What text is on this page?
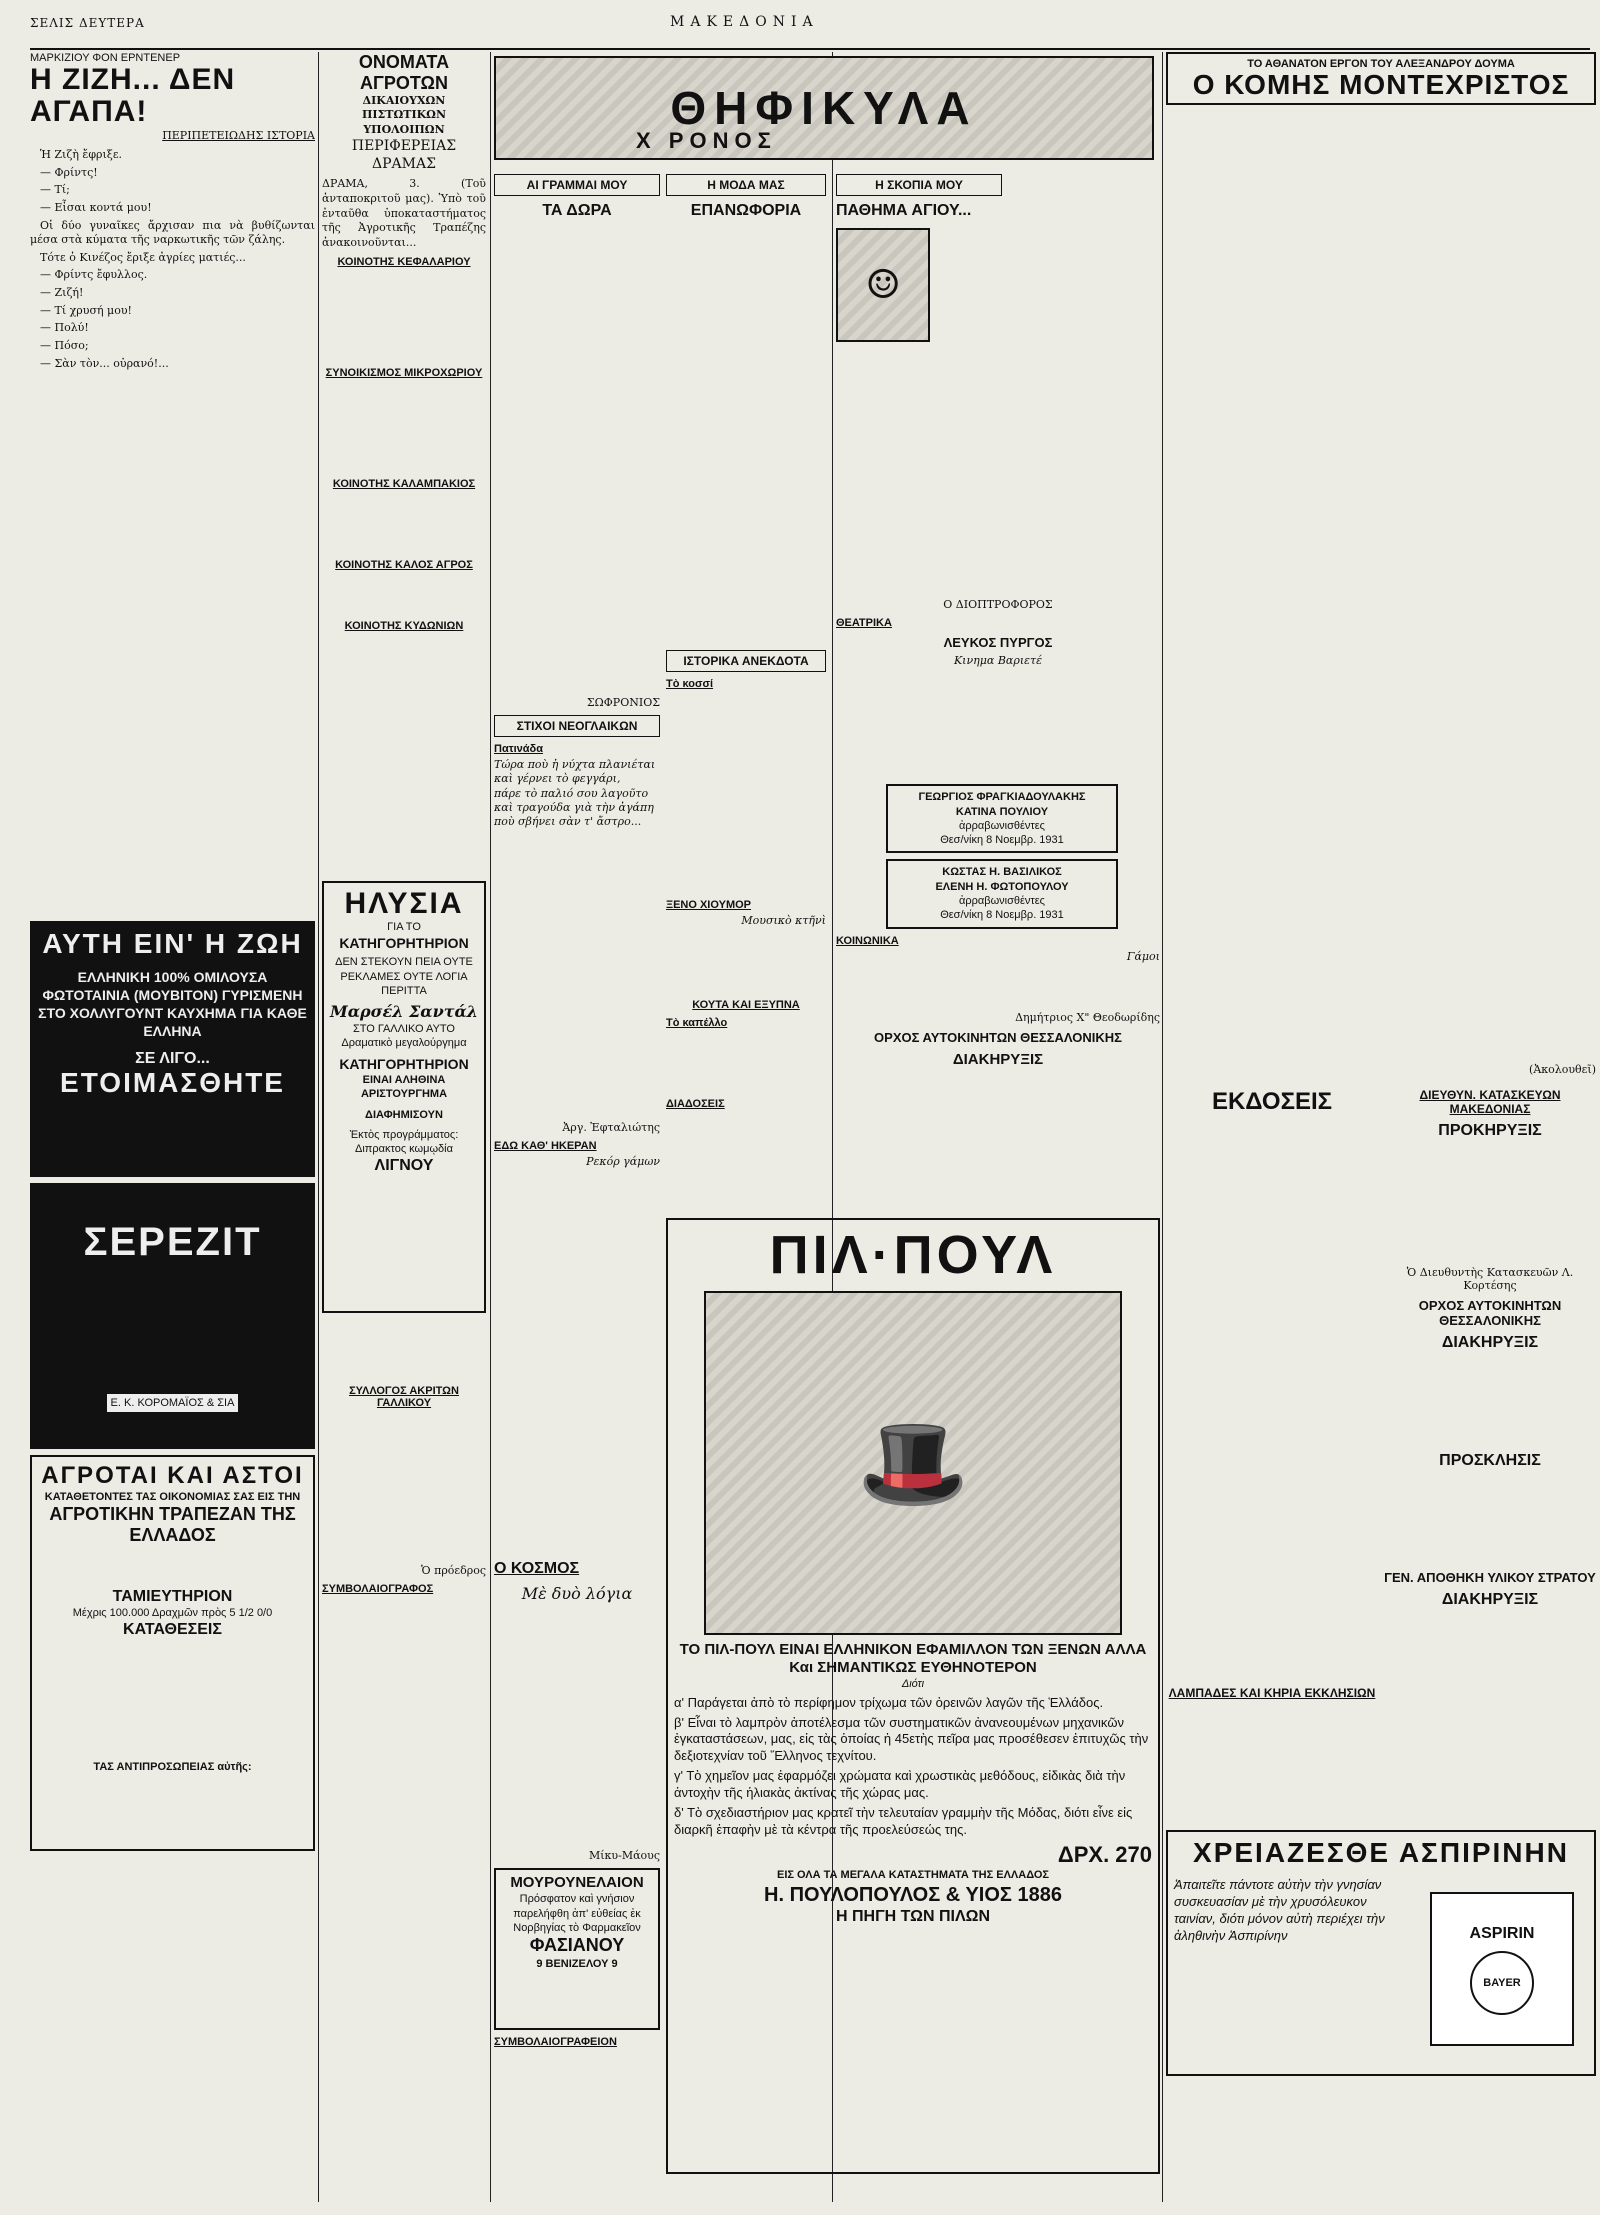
ΣΕΛΙΣ ΔΕΥΤΕΡΑ	ΜΑΚΕΔΟΝΙΑ
ΜΑΡΚΙΖΙΟΥ ΦΟΝ ΕΡΝΤΕΝΕΡ
Η ΖΙΖΗ... ΔΕΝ ΑΓΑΠΑ!
ΠΕΡΙΠΕΤΕΙΩΔΗΣ ΙΣΤΟΡΙΑ

Ἡ Ζιζὴ ἔφριξε.

— Φρίντς!

— Τί;

— Εἶσαι κοντά μου!

Οἱ δύο γυναῖκες ἄρχισαν πια νὰ βυθίζωνται μέσα στὰ κύματα τῆς ναρκωτικῆς τῶν ζάλης.

Τότε ὁ Κινέζος ἔριξε ἀγρίες ματιές...

— Φρίντς ἔφυλλος.

— Ζιζή!

— Τί χρυσή μου!

— Πολύ!

— Πόσο;

— Σὰν τὸν... οὐρανό!...

ΑΥΤΗ ΕΙΝ' Η ΖΩΗ
ΕΛΛΗΝΙΚΗ 100% ΟΜΙΛΟΥΣΑ ΦΩΤΟΤΑΙΝΙΑ (ΜΟΥΒΙΤΟΝ) ΓΥΡΙΣΜΕΝΗ ΣΤΟ ΧΟΛΛΥΓΟΥΝΤ ΚΑΥΧΗΜΑ ΓΙΑ ΚΑΘΕ ΕΛΛΗΝΑ
ΣΕ ΛΙΓΟ...
ΕΤΟΙΜΑΣΘΗΤΕ
ΣΕΡΕΖΙΤ
Ε. Κ. ΚΟΡΟΜΑΪΟΣ & ΣΙΑ
ΑΓΡΟΤΑΙ ΚΑΙ ΑΣΤΟΙ
ΚΑΤΑΘΕΤΟΝΤΕΣ ΤΑΣ ΟΙΚΟΝΟΜΙΑΣ ΣΑΣ ΕΙΣ ΤΗΝ
ΑΓΡΟΤΙΚΗΝ ΤΡΑΠΕΖΑΝ ΤΗΣ ΕΛΛΑΔΟΣ
ΤΑΜΙΕΥΤΗΡΙΟΝ
Μέχρις 100.000 Δραχμῶν πρὸς 5 1/2 0/0
ΚΑΤΑΘΕΣΕΙΣ
ΤΑΣ ΑΝΤΙΠΡΟΣΩΠΕΙΑΣ αὐτῆς:
ΟΝΟΜΑΤΑ ΑΓΡΟΤΩΝ
ΔΙΚΑΙΟΥΧΩΝ ΠΙΣΤΩΤΙΚΩΝ ΥΠΟΛΟΙΠΩΝ
ΠΕΡΙΦΕΡΕΙΑΣ ΔΡΑΜΑΣ
ΔΡΑΜΑ, 3. (Τοῦ ἀνταποκριτοῦ μας). Ὑπὸ τοῦ ἐνταῦθα ὑποκαταστήματος τῆς Ἀγροτικῆς Τραπέζης ἀνακοινοῦνται...
ΚΟΙΝΟΤΗΣ ΚΕΦΑΛΑΡΙΟΥ
ΣΥΝΟΙΚΙΣΜΟΣ ΜΙΚΡΟΧΩΡΙΟΥ
ΚΟΙΝΟΤΗΣ ΚΑΛΑΜΠΑΚΙΟΣ
ΚΟΙΝΟΤΗΣ ΚΑΛΟΣ ΑΓΡΟΣ
ΚΟΙΝΟΤΗΣ ΚΥΔΩΝΙΩΝ
ΗΛΥΣΙΑ
ΓΙΑ ΤΟ
ΚΑΤΗΓΟΡΗΤΗΡΙΟΝ
ΔΕΝ ΣΤΕΚΟΥΝ ΠΕΙΑ ΟΥΤΕ ΡΕΚΛΑΜΕΣ ΟΥΤΕ ΛΟΓΙΑ ΠΕΡΙΤΤΑ
Μαρσέλ Σαντάλ
ΣΤΟ ΓΑΛΛΙΚΟ ΑΥΤΟ Δραματικὸ μεγαλούργημα
ΚΑΤΗΓΟΡΗΤΗΡΙΟΝ
ΕΙΝΑΙ ΑΛΗΘΙΝΑ ΑΡΙΣΤΟΥΡΓΗΜΑ
ΔΙΑΦΗΜΙΣΟΥΝ
Ἐκτὸς προγράμματος: Διπρακτος κωμῳδία
ΛΙΓΝΟΥ
ΣΥΛΛΟΓΟΣ ΑΚΡΙΤΩΝ ΓΑΛΛΙΚΟΥ
Ὁ πρόεδρος
ΣΥΜΒΟΛΑΙΟΓΡΑΦΟΣ
ΘΗΦΙΚΥΛΑ
Χ ΡΟΝΟΣ
ΑΙ ΓΡΑΜΜΑΙ ΜΟΥ
ΤΑ ΔΩΡΑ
ΣΩΦΡΟΝΙΟΣ
ΣΤΙΧΟΙ ΝΕΟΓΛΑΙΚΩΝ
Πατινάδα
Τώρα ποὺ ἡ νύχτα πλανιέται
καὶ γέρνει τὸ φεγγάρι,
πάρε τὸ παλιό σου λαγοῦτο
καὶ τραγούδα γιὰ τὴν ἀγάπη
ποὺ σβήνει σὰν τ' ἄστρο...
Ἀργ. Ἐφταλιώτης
ΕΔΩ ΚΑΘ' ΗΚΕΡΑΝ
Ρεκόρ γάμων
Ο ΚΟΣΜΟΣ
Μὲ δυὸ λόγια
Μίκυ-Μάους
ΜΟΥΡΟΥΝΕΛΑΙΟΝ
Πρόσφατον καὶ γνήσιον παρελήφθη ἀπ' εὐθείας ἐκ Νορβηγίας τὸ Φαρμακεῖον
ΦΑΣΙΑΝΟΥ
9 ΒΕΝΙΖΕΛΟΥ 9
ΣΥΜΒΟΛΑΙΟΓΡΑΦΕΙΟΝ
Η ΜΟΔΑ ΜΑΣ
ΕΠΑΝΩΦΟΡΙΑ
ΙΣΤΟΡΙΚΑ ΑΝΕΚΔΟΤΑ
Τὸ κοσσί
ΞΕΝΟ ΧΙΟΥΜΟΡ
Μουσικὸ κτῆνὶ
ΚΟΥΤΑ ΚΑΙ ΕΞΥΠΝΑ
Τὸ καπέλλο
ΔΙΑΔΟΣΕΙΣ
Η ΣΚΟΠΙΑ ΜΟΥ
ΠΑΘΗΜΑ ΑΓΙΟΥ...
☺
Ο ΔΙΟΠΤΡΟΦΟΡΟΣ
ΘΕΑΤΡΙΚΑ
ΛΕΥΚΟΣ ΠΥΡΓΟΣ
Κινημα Βαριετέ
ΓΕΩΡΓΙΟΣ ΦΡΑΓΚΙΑΔΟΥΛΑΚΗΣ
ΚΑΤΙΝΑ ΠΟΥΛΙΟΥ
ἀρραβωνισθέντες
Θεσ/νίκη 8 Νοεμβρ. 1931
ΚΩΣΤΑΣ Η. ΒΑΣΙΛΙΚΟΣ
ΕΛΕΝΗ Η. ΦΩΤΟΠΟΥΛΟΥ
ἀρραβωνισθέντες
Θεσ/νίκη 8 Νοεμβρ. 1931
ΚΟΙΝΩΝΙΚΑ
Γάμοι
Δημήτριος Χ" Θεοδωρίδης
ΟΡΧΟΣ ΑΥΤΟΚΙΝΗΤΩΝ ΘΕΣΣΑΛΟΝΙΚΗΣ
ΔΙΑΚΗΡΥΞΙΣ
ΠΙΛ·ΠΟΥΛ
🎩
ΤΟ ΠΙΛ-ΠΟΥΛ ΕΙΝΑΙ ΕΛΛΗΝΙΚΟΝ ΕΦΑΜΙΛΛΟΝ ΤΩΝ ΞΕΝΩΝ ΑΛΛΑ
Και ΣΗΜΑΝΤΙΚΩΣ ΕΥΘΗΝΟΤΕΡΟΝ
Διότι
α' Παράγεται ἀπὸ τὸ περίφημον τρίχωμα τῶν ὀρεινῶν λαγῶν τῆς Ἑλλάδος.
β' Εἶναι τὸ λαμπρὸν ἀποτέλεσμα τῶν συστηματικῶν ἀνανεουμένων μηχανικῶν ἐγκαταστάσεων, μας, εἰς τὰς ὁποίας ἡ 45ετὴς πεῖρα μας προσέθεσεν ἐπιτυχῶς τὴν δεξιοτεχνίαν τοῦ Ἕλληνος τεχνίτου.
γ' Τὸ χημεῖον μας ἐφαρμόζει χρώματα καὶ χρωστικὰς μεθόδους, εἰδικὰς διὰ τὴν ἀντοχὴν τῆς ἡλιακὰς ἀκτίνας τῆς χώρας μας.
δ' Τὸ σχεδιαστήριον μας κρατεῖ τὴν τελευταίαν γραμμὴν τῆς Μόδας, διότι εἶνε εἰς διαρκῆ ἐπαφὴν μὲ τὰ κέντρα τῆς προελεύσεώς της.
ΔΡΧ. 270
ΕΙΣ ΟΛΑ ΤΑ ΜΕΓΑΛΑ ΚΑΤΑΣΤΗΜΑΤΑ ΤΗΣ ΕΛΛΑΔΟΣ
Η. ΠΟΥΛΟΠΟΥΛΟΣ & ΥΙΟΣ 1886
Η ΠΗΓΗ ΤΩΝ ΠΙΛΩΝ
ΤΟ ΑΘΑΝΑΤΟΝ ΕΡΓΟΝ ΤΟΥ ΑΛΕΞΑΝΔΡΟΥ ΔΟΥΜΑ
Ο ΚΟΜΗΣ ΜΟΝΤΕΧΡΙΣΤΟΣ
(Ἀκολουθεῖ)
ΕΚΔΟΣΕΙΣ
ΛΑΜΠΑΔΕΣ ΚΑΙ ΚΗΡΙΑ ΕΚΚΛΗΣΙΩΝ
ΔΙΕΥΘΥΝ. ΚΑΤΑΣΚΕΥΩΝ ΜΑΚΕΔΟΝΙΑΣ
ΠΡΟΚΗΡΥΞΙΣ
Ὁ Διευθυντὴς Κατασκευῶν Λ. Κορτέσης
ΟΡΧΟΣ ΑΥΤΟΚΙΝΗΤΩΝ ΘΕΣΣΑΛΟΝΙΚΗΣ
ΔΙΑΚΗΡΥΞΙΣ
ΠΡΟΣΚΛΗΣΙΣ
ΓΕΝ. ΑΠΟΘΗΚΗ ΥΛΙΚΟΥ ΣΤΡΑΤΟΥ
ΔΙΑΚΗΡΥΞΙΣ
ΧΡΕΙΑΖΕΣΘΕ ΑΣΠΙΡΙΝΗΝ
Ἀπαιτεῖτε πάντοτε αὐτὴν τὴν γνησίαν συσκευασίαν μὲ τὴν χρυσόλευκον ταινίαν, διότι μόνον αὐτὴ περιέχει τὴν ἀληθινὴν Ἀσπιρίνην	ASPIRIN
BAYER
